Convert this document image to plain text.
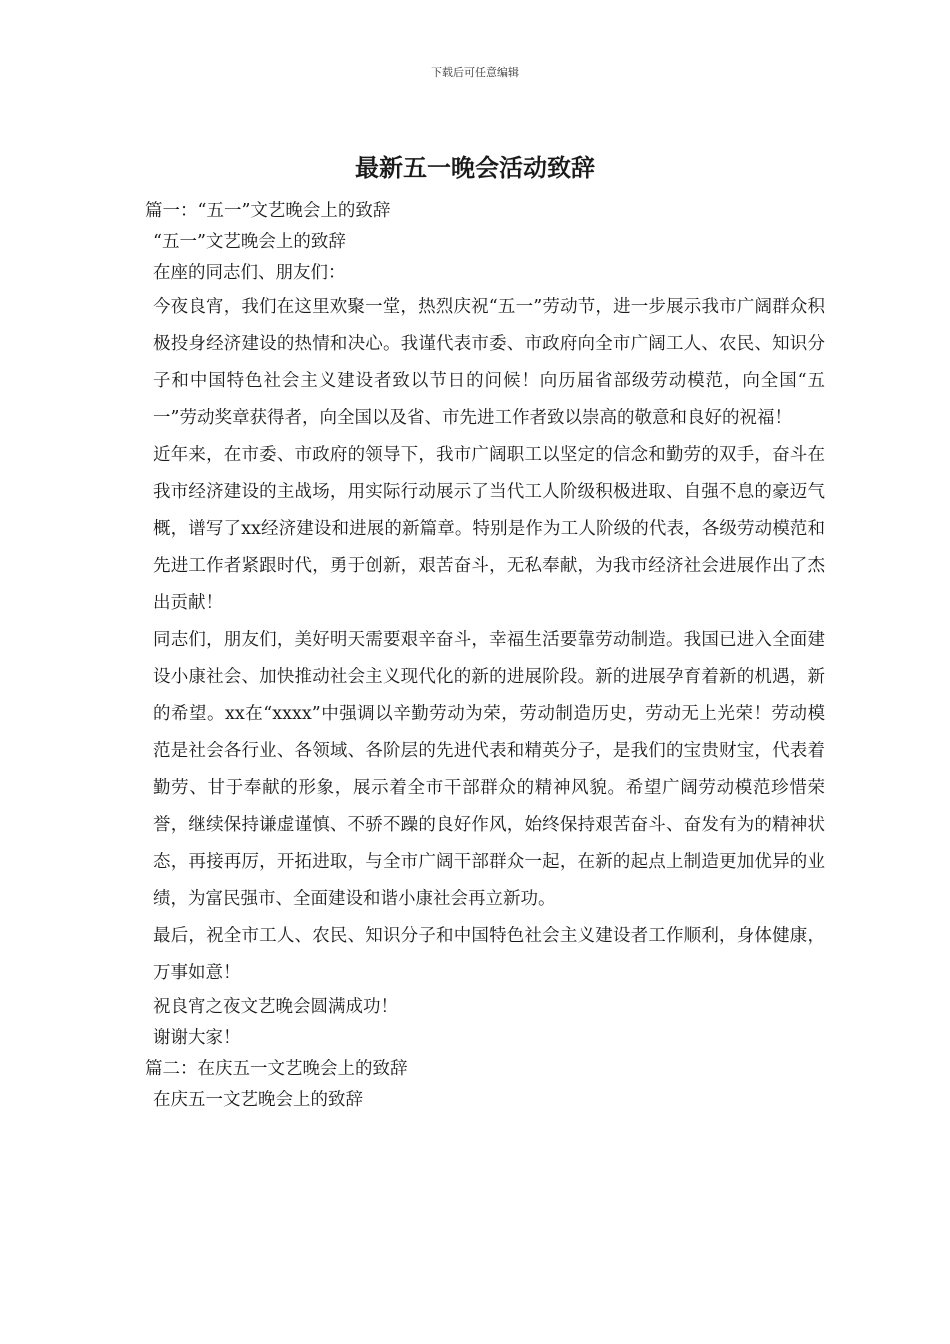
下载后可任意编辑
最新五一晚会活动致辞
篇一：“五一”文艺晚会上的致辞
“五一”文艺晚会上的致辞
在座的同志们、朋友们：

今夜良宵，我们在这里欢聚一堂，热烈庆祝“五一”劳动节，进一步展示我市广阔群众积极投身经济建设的热情和决心。我谨代表市委、市政府向全市广阔工人、农民、知识分子和中国特色社会主义建设者致以节日的问候！向历届省部级劳动模范，向全国“五一”劳动奖章获得者，向全国以及省、市先进工作者致以崇高的敬意和良好的祝福！

近年来，在市委、市政府的领导下，我市广阔职工以坚定的信念和勤劳的双手，奋斗在我市经济建设的主战场，用实际行动展示了当代工人阶级积极进取、自强不息的豪迈气概，谱写了xx经济建设和进展的新篇章。特别是作为工人阶级的代表，各级劳动模范和先进工作者紧跟时代，勇于创新，艰苦奋斗，无私奉献，为我市经济社会进展作出了杰出贡献！

同志们，朋友们，美好明天需要艰辛奋斗，幸福生活要靠劳动制造。我国已进入全面建设小康社会、加快推动社会主义现代化的新的进展阶段。新的进展孕育着新的机遇，新的希望。xx在“xxxx”中强调以辛勤劳动为荣，劳动制造历史，劳动无上光荣！劳动模范是社会各行业、各领域、各阶层的先进代表和精英分子，是我们的宝贵财宝，代表着勤劳、甘于奉献的形象，展示着全市干部群众的精神风貌。希望广阔劳动模范珍惜荣誉，继续保持谦虚谨慎、不骄不躁的良好作风，始终保持艰苦奋斗、奋发有为的精神状态，再接再厉，开拓进取，与全市广阔干部群众一起，在新的起点上制造更加优异的业绩，为富民强市、全面建设和谐小康社会再立新功。

最后，祝全市工人、农民、知识分子和中国特色社会主义建设者工作顺利，身体健康，万事如意！

祝良宵之夜文艺晚会圆满成功！
谢谢大家！
篇二：在庆五一文艺晚会上的致辞
在庆五一文艺晚会上的致辞
